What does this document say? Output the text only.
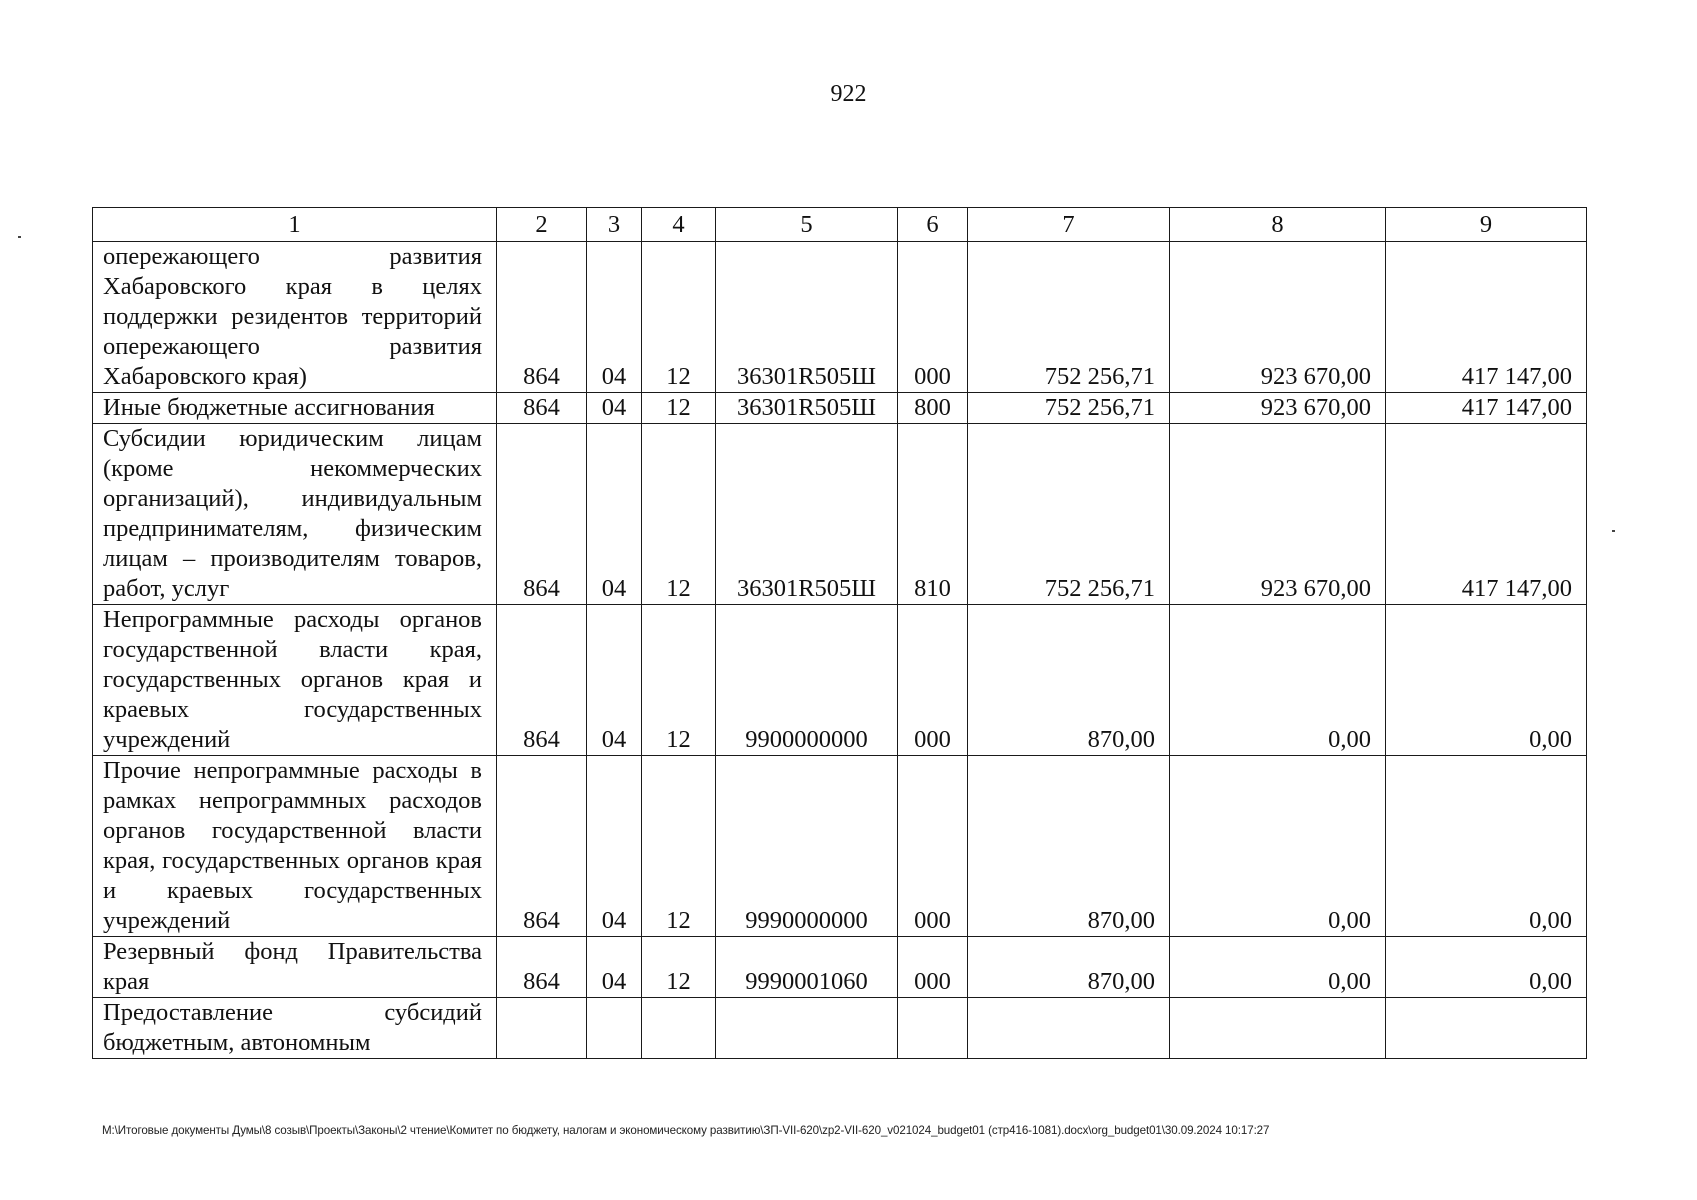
922
1	2	3	4	5	6	7	8	9
опережающего развития Хабаровского края в целях поддержки резидентов территорий опережающего развития Хабаровского края)	864	04	12	36301R505Ш	000	752 256,71	923 670,00	417 147,00
Иные бюджетные ассигнования	864	04	12	36301R505Ш	800	752 256,71	923 670,00	417 147,00
Субсидии юридическим лицам (кроме некоммерческих организаций), индивидуальным предпринимателям, физическим лицам – производителям товаров, работ, услуг	864	04	12	36301R505Ш	810	752 256,71	923 670,00	417 147,00
Непрограммные расходы органов государственной власти края, государственных органов края и краевых государственных учреждений	864	04	12	9900000000	000	870,00	0,00	0,00
Прочие непрограммные расходы в рамках непрограммных расходов органов государственной власти края, государственных органов края и краевых государственных учреждений	864	04	12	9990000000	000	870,00	0,00	0,00
Резервный фонд Правительства края	864	04	12	9990001060	000	870,00	0,00	0,00
Предоставление субсидий бюджетным, автономным								
M:\Итоговые документы Думы\8 созыв\Проекты\Законы\2 чтение\Комитет по бюджету, налогам и экономическому развитию\ЗП-VII-620\zp2-VII-620_v021024_budget01 (стр416-1081).docx\org_budget01\30.09.2024 10:17:27
